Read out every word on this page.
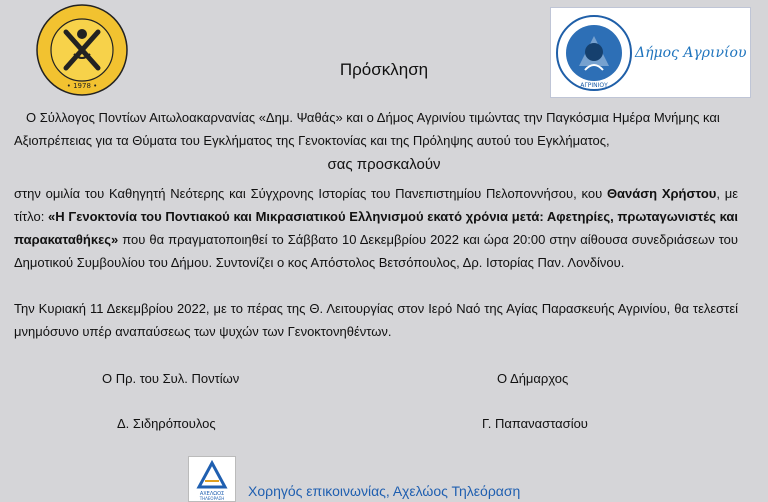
• 1978 •	ΑΓΡΙΝΙΟΥ
Δήμος Αγρινίου
Πρόσκληση
Ο Σύλλογος Ποντίων Αιτωλοακαρνανίας «Δημ. Ψαθάς» και ο Δήμος Αγρινίου τιμώντας την Παγκόσμια Ημέρα Μνήμης και Αξιοπρέπειας για τα Θύματα του Εγκλήματος της Γενοκτονίας και της Πρόληψης αυτού του Εγκλήματος,
σας προσκαλούν
στην ομιλία του Καθηγητή Νεότερης και Σύγχρονης Ιστορίας του Πανεπιστημίου Πελοποννήσου, κου Θανάση Χρήστου, με τίτλο: «Η Γενοκτονία του Ποντιακού και Μικρασιατικού Ελληνισμού εκατό χρόνια μετά: Αφετηρίες, πρωταγωνιστές και παρακαταθήκες» που θα πραγματοποιηθεί το Σάββατο 10 Δεκεμβρίου 2022 και ώρα 20:00 στην αίθουσα συνεδριάσεων του Δημοτικού Συμβουλίου του Δήμου. Συντονίζει ο κος Απόστολος Βετσόπουλος, Δρ. Ιστορίας Παν. Λονδίνου.
Την Κυριακή 11 Δεκεμβρίου 2022, με το πέρας της Θ. Λειτουργίας στον Ιερό Ναό της Αγίας Παρασκευής Αγρινίου, θα τελεστεί μνημόσυνο υπέρ αναπαύσεως των ψυχών των Γενοκτονηθέντων.
Ο Πρ. του Συλ. Ποντίων	Ο Δήμαρχος
Δ. Σιδηρόπουλος	Γ. Παπαναστασίου
ΑΧΕΛΩΟΣ
ΤΗΛΕΟΡΑΣΗ Χορηγός επικοινωνίας, Αχελώος Τηλεόραση
